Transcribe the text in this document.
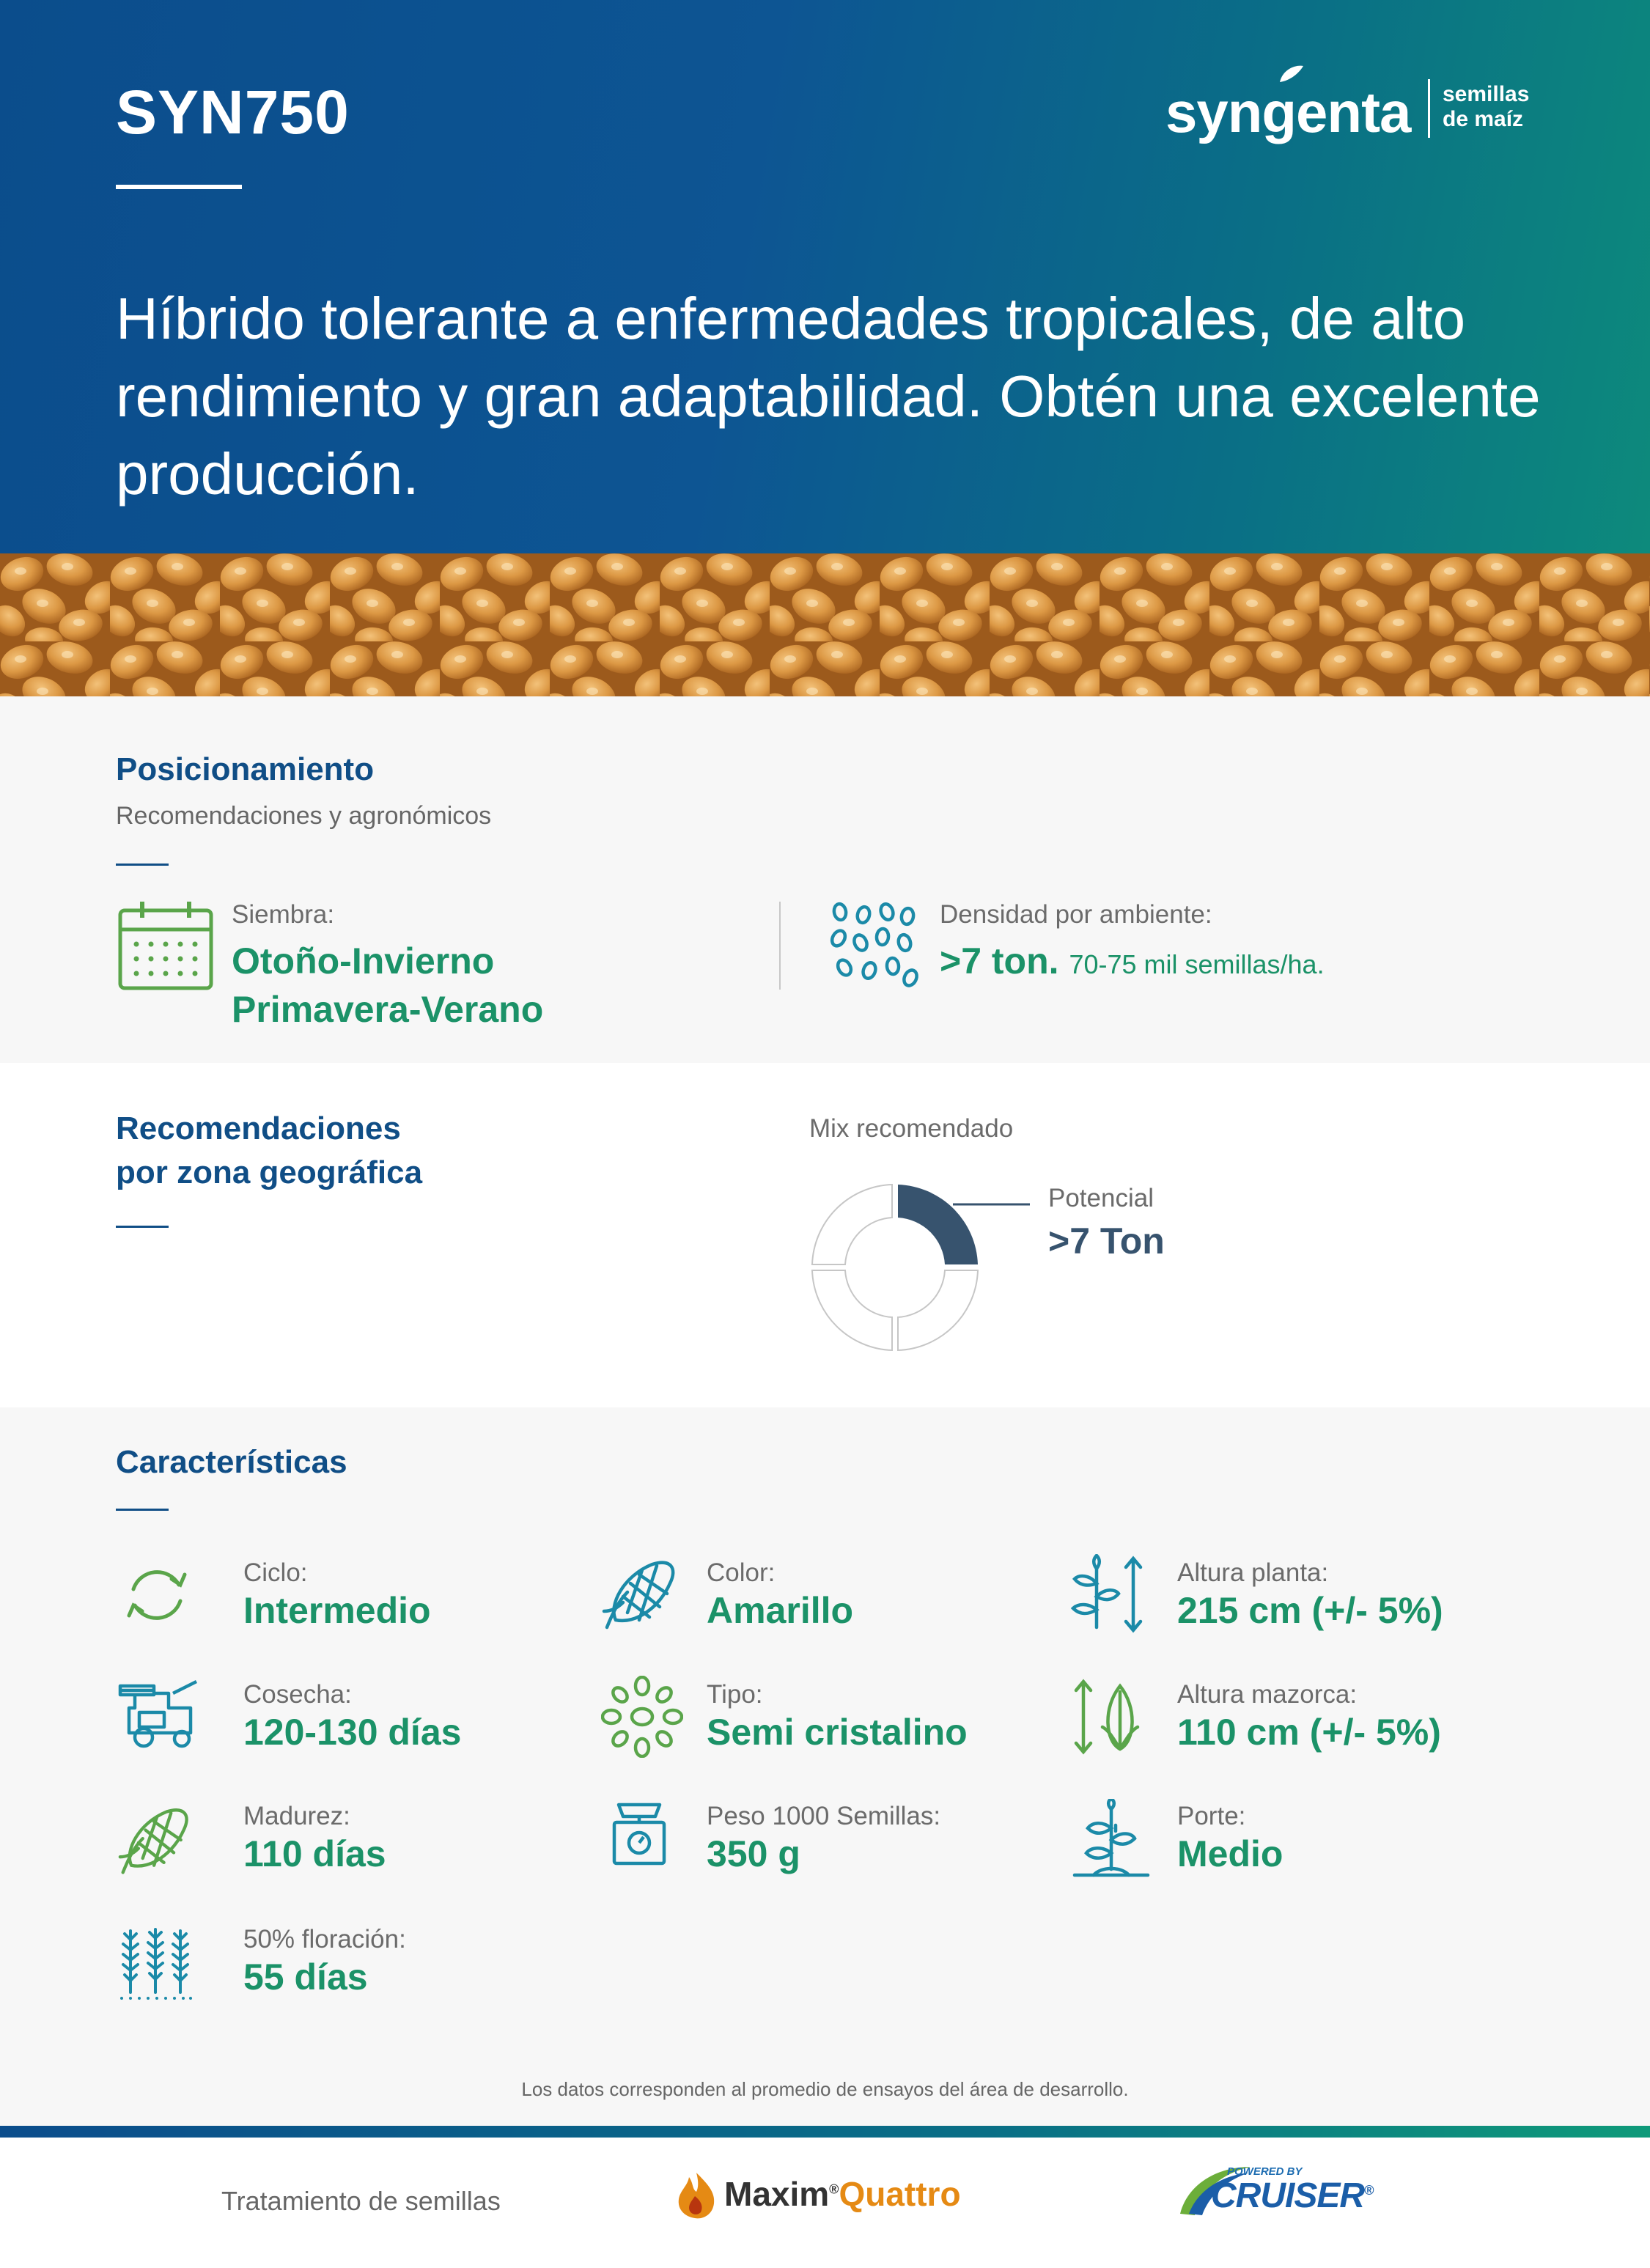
SYN750
Híbrido tolerante a enfermedades tropicales, de alto rendimiento y gran adaptabilidad. Obtén una excelente producción.
syngenta semillas
de maíz
Posicionamiento
Recomendaciones y agronómicos
Siembra:
Otoño-Invierno
Primavera-Verano
Densidad por ambiente:
>7 ton. 70-75 mil semillas/ha.
Recomendaciones
por zona geográfica
Mix recomendado
Potencial
>7 Ton
Características
Ciclo:
Intermedio
Color:
Amarillo
Altura planta:
215 cm (+/- 5%)
Cosecha:
120-130 días
Tipo:
Semi cristalino
Altura mazorca:
110 cm (+/- 5%)
Madurez:
110 días
Peso 1000 Semillas:
350 g
Porte:
Medio
50% floración:
55 días
Los datos corresponden al promedio de ensayos del área de desarrollo.
Tratamiento de semillas	Maxim®Quattro
POWERED BY
CRUISER®
